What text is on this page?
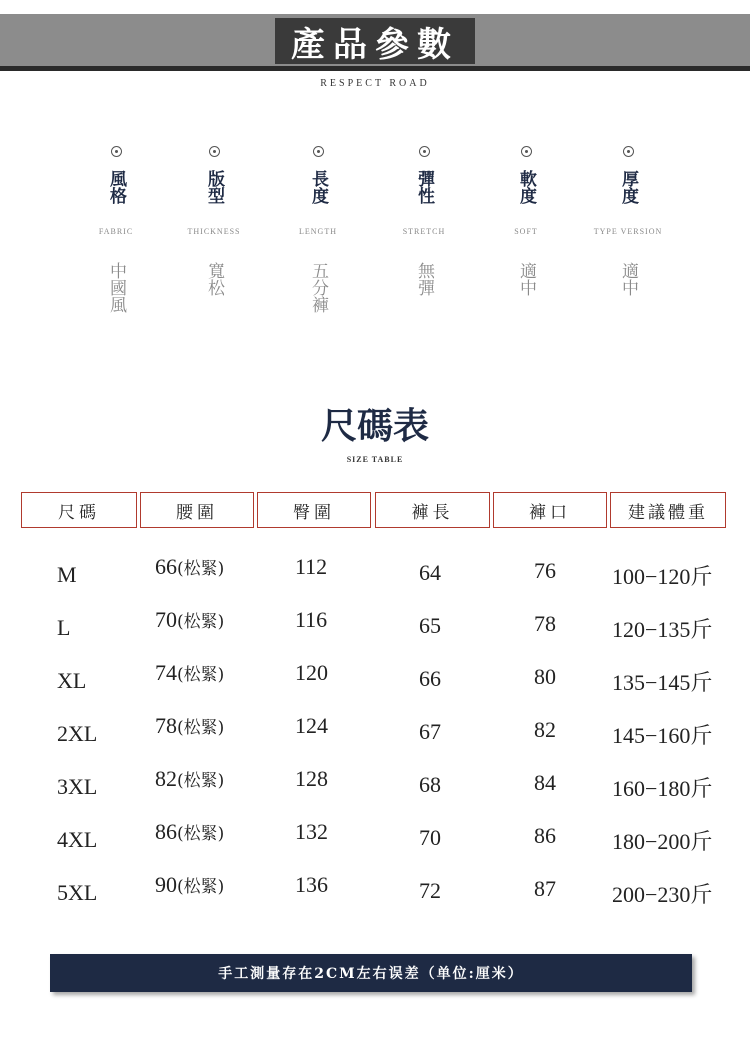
產品參數
RESPECT ROAD
風格
FABRIC
中國風
版型
THICKNESS
寬松
長度
LENGTH
五分褲
彈性
STRETCH
無彈
軟度
SOFT
適中
厚度
TYPE VERSION
適中
尺碼表
SIZE TABLE
尺碼	腰圍	臀圍	褲長	褲口	建議體重
M	66(松緊)	112	64	76	100−120斤
L	70(松緊)	116	65	78	120−135斤
XL	74(松緊)	120	66	80	135−145斤
2XL	78(松緊)	124	67	82	145−160斤
3XL	82(松緊)	128	68	84	160−180斤
4XL	86(松緊)	132	70	86	180−200斤
5XL	90(松緊)	136	72	87	200−230斤
手工測量存在2CM左右误差（单位:厘米）
